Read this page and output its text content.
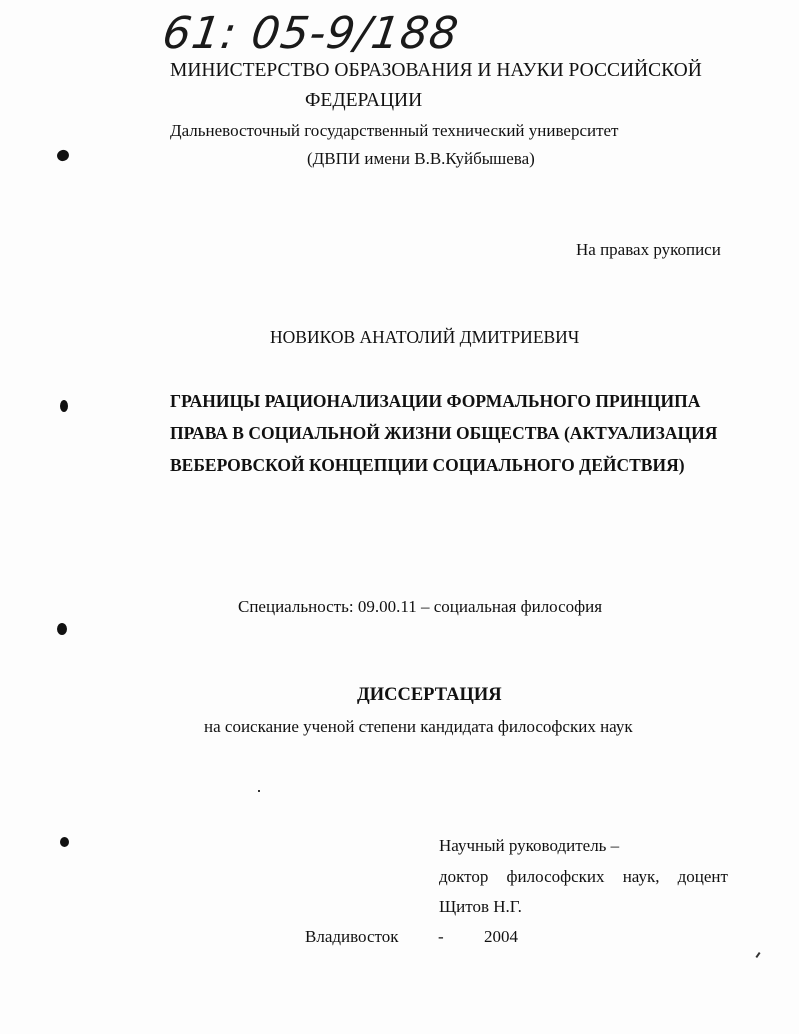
61: 05-9/188
МИНИСТЕРСТВО ОБРАЗОВАНИЯ И НАУКИ РОССИЙСКОЙ
ФЕДЕРАЦИИ
Дальневосточный государственный технический университет
(ДВПИ имени В.В.Куйбышева)
На правах рукописи
НОВИКОВ АНАТОЛИЙ ДМИТРИЕВИЧ
ГРАНИЦЫ РАЦИОНАЛИЗАЦИИ ФОРМАЛЬНОГО ПРИНЦИПА
ПРАВА В СОЦИАЛЬНОЙ ЖИЗНИ ОБЩЕСТВА (АКТУАЛИЗАЦИЯ
ВЕБЕРОВСКОЙ КОНЦЕПЦИИ СОЦИАЛЬНОГО ДЕЙСТВИЯ)
Специальность: 09.00.11 – социальная философия
ДИССЕРТАЦИЯ
на соискание ученой степени кандидата философских наук
Научный руководитель –
доктор философских наук, доцент
Щитов Н.Г.
Владивосток - 2004
